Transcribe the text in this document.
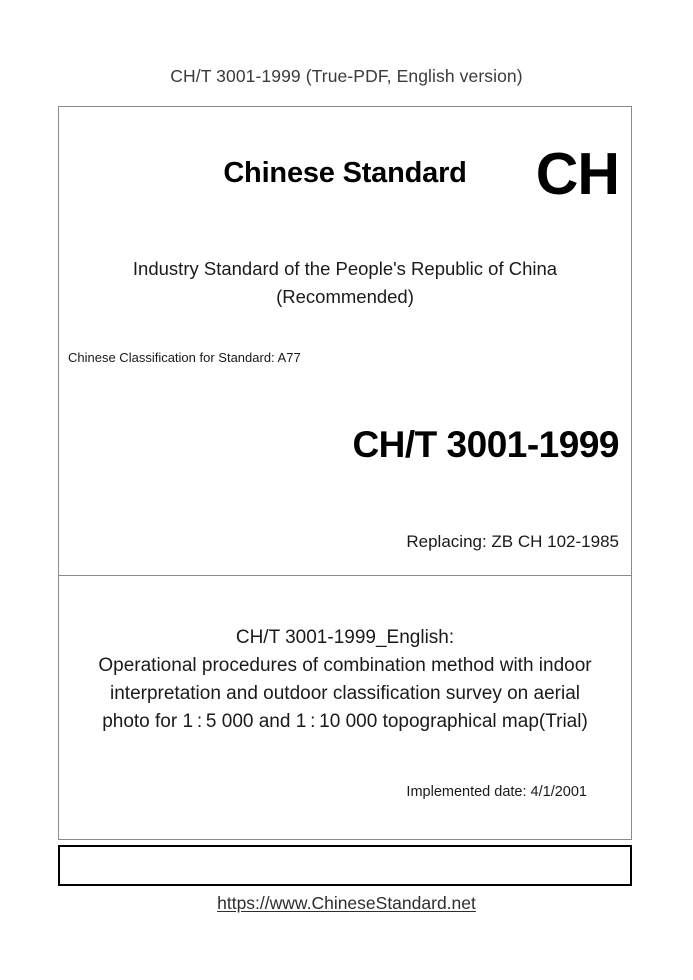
CH/T 3001-1999 (True-PDF, English version)
Chinese Standard	CH
Industry Standard of the People's Republic of China
(Recommended)
Chinese Classification for Standard: A77
CH/T 3001-1999
Replacing: ZB CH 102-1985
CH/T 3001-1999_English:
Operational procedures of combination method with indoor
interpretation and outdoor classification survey on aerial
photo for 1 : 5 000 and 1 : 10 000 topographical map(Trial)
Implemented date: 4/1/2001
https://www.ChineseStandard.net
